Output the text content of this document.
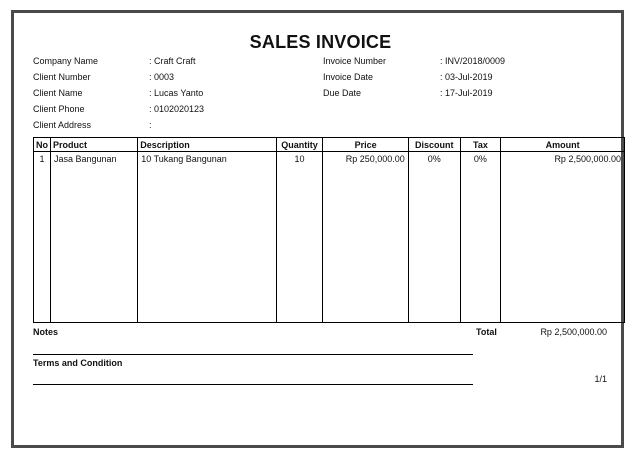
SALES INVOICE
Company Name	: Craft Craft
Client Number	: 0003
Client Name	: Lucas Yanto
Client Phone	: 0102020123
Client Address	:
Invoice Number	: INV/2018/0009
Invoice Date	: 03-Jul-2019
Due Date	: 17-Jul-2019
No	Product	Description	Quantity	Price	Discount	Tax	Amount
1	Jasa Bangunan	10 Tukang Bangunan	10	Rp 250,000.00	0%	0%	Rp 2,500,000.00

Notes	Total	Rp 2,500,000.00
Terms and Condition
1/1
